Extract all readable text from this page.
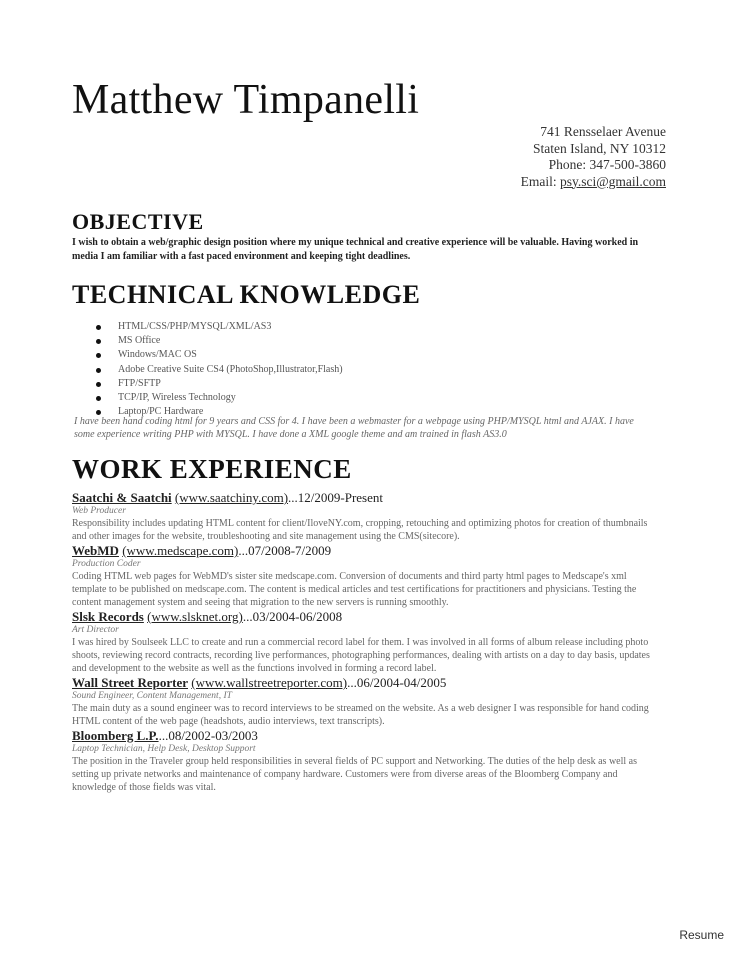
Matthew Timpanelli
741 Rensselaer Avenue
Staten Island, NY 10312
Phone: 347-500-3860
Email: psy.sci@gmail.com
OBJECTIVE
I wish to obtain a web/graphic design position where my unique technical and creative experience will be valuable. Having worked in media I am familiar with a fast paced environment and keeping tight deadlines.
TECHNICAL KNOWLEDGE
HTML/CSS/PHP/MYSQL/XML/AS3
MS Office
Windows/MAC OS
Adobe Creative Suite CS4 (PhotoShop,Illustrator,Flash)
FTP/SFTP
TCP/IP, Wireless Technology
Laptop/PC Hardware
I have been hand coding html for 9 years and CSS for 4. I have been a webmaster for a webpage using PHP/MYSQL html and AJAX. I have some experience writing PHP with MYSQL. I have done a XML google theme and am trained in flash AS3.0
WORK EXPERIENCE
Saatchi & Saatchi (www.saatchiny.com)...12/2009-Present
Web Producer
Responsibility includes updating HTML content for client/IloveNY.com, cropping, retouching and optimizing photos for creation of thumbnails and other images for the website, troubleshooting and site management using the CMS(sitecore).
WebMD (www.medscape.com)...07/2008-7/2009
Production Coder
Coding HTML web pages for WebMD's sister site medscape.com. Conversion of documents and third party html pages to Medscape's xml template to be published on medscape.com. The content is medical articles and test certifications for practitioners and physicians. Testing the content management system and seeing that migration to the new servers is running smoothly.
Slsk Records (www.slsknet.org)...03/2004-06/2008
Art Director
I was hired by Soulseek LLC to create and run a commercial record label for them. I was involved in all forms of album release including photo shoots, reviewing record contracts, recording live performances, photographing performances, dealing with artists on a day to day basis, updates and development to the website as well as the functions involved in forming a record label.
Wall Street Reporter (www.wallstreetreporter.com)...06/2004-04/2005
Sound Engineer, Content Management, IT
The main duty as a sound engineer was to record interviews to be streamed on the website. As a web designer I was responsible for hand coding HTML content of the web page (headshots, audio interviews, text transcripts).
Bloomberg L.P....08/2002-03/2003
Laptop Technician, Help Desk, Desktop Support
The position in the Traveler group held responsibilities in several fields of PC support and Networking. The duties of the help desk as well as setting up private networks and maintenance of company hardware. Customers were from diverse areas of the Bloomberg Company and knowledge of those fields was vital.
Resume
